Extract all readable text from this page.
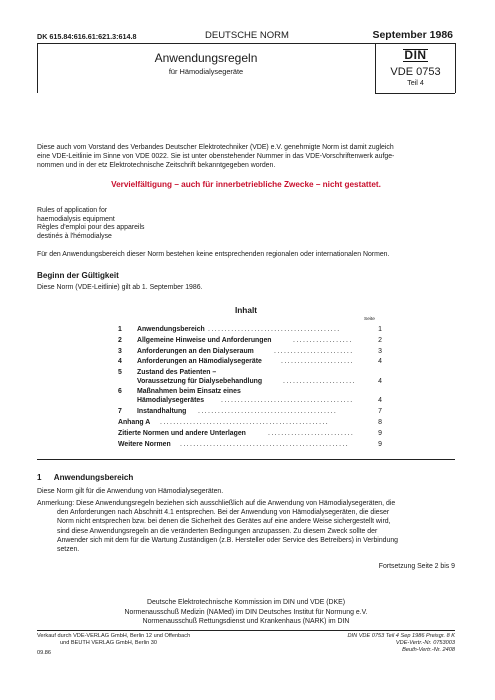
DK 615.84:616.61:621.3:614.8	DEUTSCHE NORM	September 1986
Anwendungsregeln
für Hämodialysegeräte
DIN
VDE 0753
Teil 4
Diese auch vom Vorstand des Verbandes Deutscher Elektrotechniker (VDE) e.V. genehmigte Norm ist damit zugleich
eine VDE-Leitlinie im Sinne von VDE 0022. Sie ist unter obenstehender Nummer in das VDE-Vorschriftenwerk aufge-
nommen und in der etz Elektrotechnische Zeitschrift bekanntgegeben worden.
Vervielfältigung – auch für innerbetriebliche Zwecke – nicht gestattet.
Rules of application for
haemodialysis equipment
Règles d'emploi pour des appareils
destinés à l'hémodialyse
Für den Anwendungsbereich dieser Norm bestehen keine entsprechenden regionalen oder internationalen Normen.
Beginn der Gültigkeit
Diese Norm (VDE-Leitlinie) gilt ab 1. September 1986.
Inhalt
Seite
1 Anwendungsbereich ........................................	1
2 Allgemeine Hinweise und Anforderungen	..................	2
3 Anforderungen an den Dialyseraum	........................	3
4 Anforderungen an Hämodialysegeräte	......................	4
5 Zustand des Patienten –
Voraussetzung für Dialysebehandlung	......................	4
6 Maßnahmen beim Einsatz eines
Hämodialysegerätes ........................................	4
7 Instandhaltung ..........................................	7
Anhang A ...................................................	8
Zitierte Normen und andere Unterlagen	..........................	9
Weitere Normen ...................................................	9
1 Anwendungsbereich
Diese Norm gilt für die Anwendung von Hämodialysegeräten.
Anmerkung: Diese Anwendungsregeln beziehen sich ausschließlich auf die Anwendung von Hämodialysegeräten, die
den Anforderungen nach Abschnitt 4.1 entsprechen. Bei der Anwendung von Hämodialysegeräten, die dieser
Norm nicht entsprechen bzw. bei denen die Sicherheit des Gerätes auf eine andere Weise sichergestellt wird,
sind diese Anwendungsregeln an die veränderten Bedingungen anzupassen. Zu diesem Zweck sollte der
Anwender sich mit dem für die Wartung Zuständigen (z.B. Hersteller oder Service des Betreibers) in Verbindung
setzen.
Fortsetzung Seite 2 bis 9
Deutsche Elektrotechnische Kommission im DIN und VDE (DKE)
Normenausschuß Medizin (NAMed) im DIN Deutsches Institut für Normung e.V.
Normenausschuß Rettungsdienst und Krankenhaus (NARK) im DIN
Verkauf durch VDE-VERLAG GmbH, Berlin 12 und Offenbach
und BEUTH VERLAG GmbH, Berlin 30
09.86
DIN VDE 0753 Teil 4 Sep 1986 Preisgr. 8 K
VDE-Vertr.-Nr. 0753003
Beuth-Vertr.-Nr. 2408
